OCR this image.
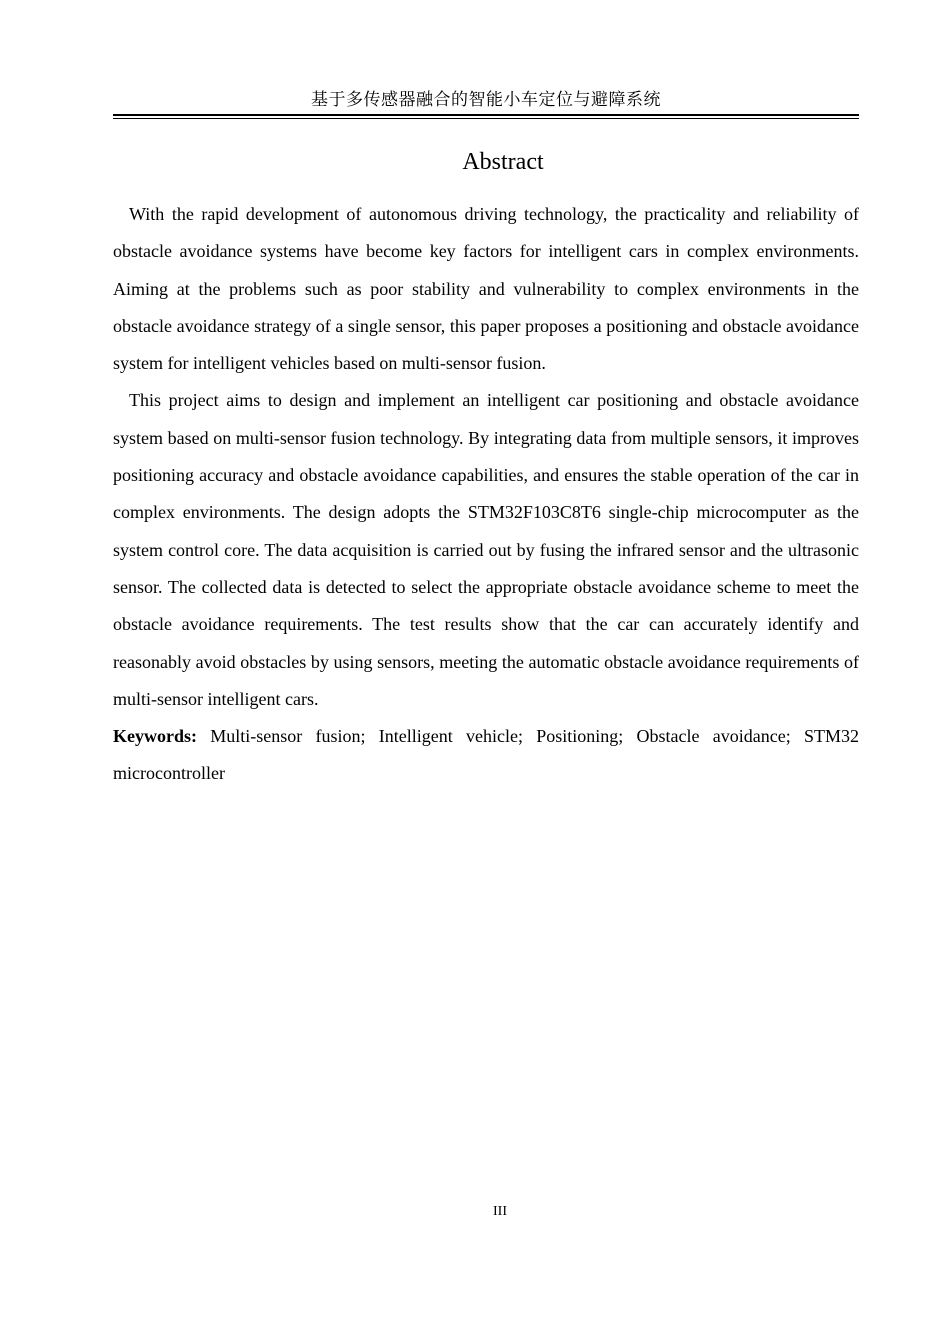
基于多传感器融合的智能小车定位与避障系统
Abstract

With the rapid development of autonomous driving technology, the practicality and reliability of obstacle avoidance systems have become key factors for intelligent cars in complex environments. Aiming at the problems such as poor stability and vulnerability to complex environments in the obstacle avoidance strategy of a single sensor, this paper proposes a positioning and obstacle avoidance system for intelligent vehicles based on multi-sensor fusion.

This project aims to design and implement an intelligent car positioning and obstacle avoidance system based on multi-sensor fusion technology. By integrating data from multiple sensors, it improves positioning accuracy and obstacle avoidance capabilities, and ensures the stable operation of the car in complex environments. The design adopts the STM32F103C8T6 single-chip microcomputer as the system control core. The data acquisition is carried out by fusing the infrared sensor and the ultrasonic sensor. The collected data is detected to select the appropriate obstacle avoidance scheme to meet the obstacle avoidance requirements. The test results show that the car can accurately identify and reasonably avoid obstacles by using sensors, meeting the automatic obstacle avoidance requirements of multi-sensor intelligent cars.

Keywords: Multi-sensor fusion; Intelligent vehicle; Positioning; Obstacle avoidance; STM32 microcontroller

III
